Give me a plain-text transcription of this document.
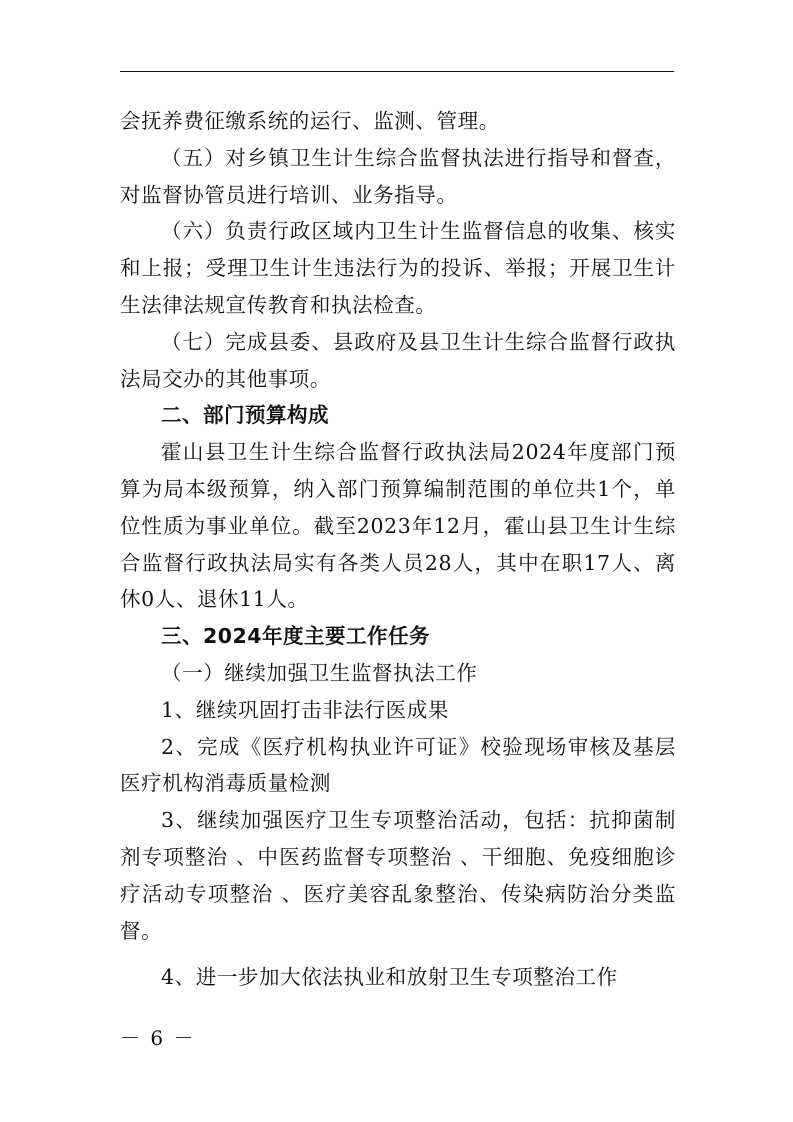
会抚养费征缴系统的运行、监测、管理。

（五）对乡镇卫生计生综合监督执法进行指导和督查，对监督协管员进行培训、业务指导。

（六）负责行政区域内卫生计生监督信息的收集、核实和上报；受理卫生计生违法行为的投诉、举报；开展卫生计生法律法规宣传教育和执法检查。

（七）完成县委、县政府及县卫生计生综合监督行政执法局交办的其他事项。

二、部门预算构成

霍山县卫生计生综合监督行政执法局2024年度部门预算为局本级预算，纳入部门预算编制范围的单位共1个，单位性质为事业单位。截至2023年12月，霍山县卫生计生综合监督行政执法局实有各类人员28人，其中在职17人、离休0人、退休11人。

三、2024年度主要工作任务

（一）继续加强卫生监督执法工作

1、继续巩固打击非法行医成果

2、完成《医疗机构执业许可证》校验现场审核及基层医疗机构消毒质量检测

3、继续加强医疗卫生专项整治活动，包括：抗抑菌制剂专项整治 、中医药监督专项整治 、干细胞、免疫细胞诊疗活动专项整治 、医疗美容乱象整治、传染病防治分类监督。

4、进一步加大依法执业和放射卫生专项整治工作

－ 6 －
